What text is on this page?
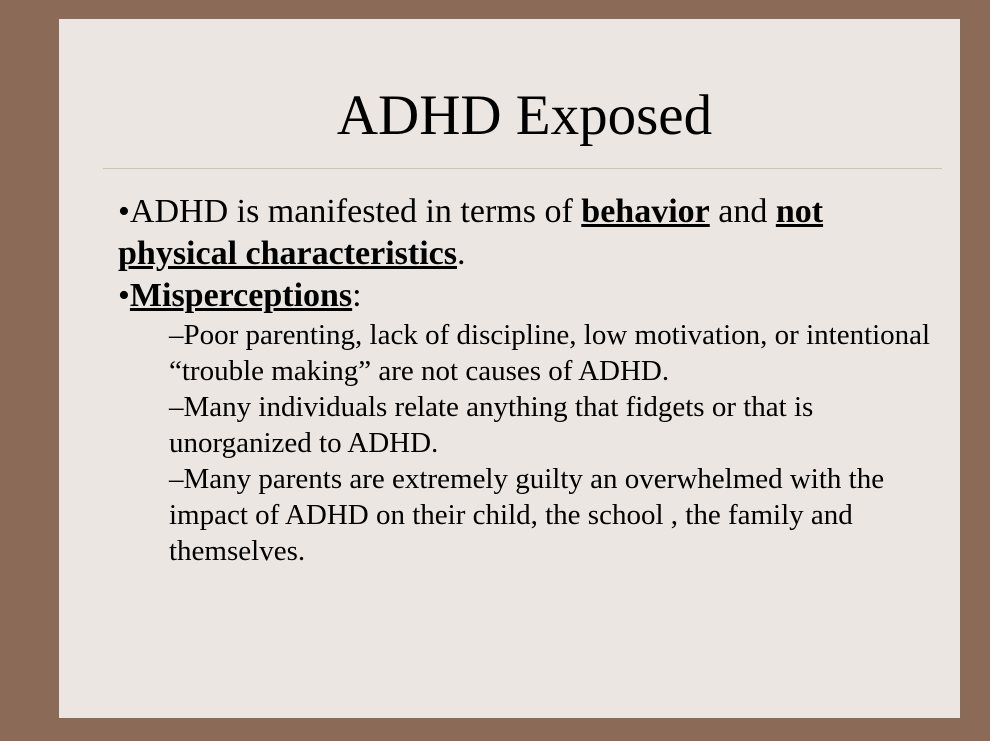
ADHD Exposed

•ADHD is manifested in terms of behavior and not physical characteristics.

•Misperceptions:

–Poor parenting, lack of discipline, low motivation, or intentional “trouble making” are not causes of ADHD.

–Many individuals relate anything that fidgets or that is unorganized to ADHD.

–Many parents are extremely guilty an overwhelmed with the impact of ADHD on their child, the school , the family and themselves.
